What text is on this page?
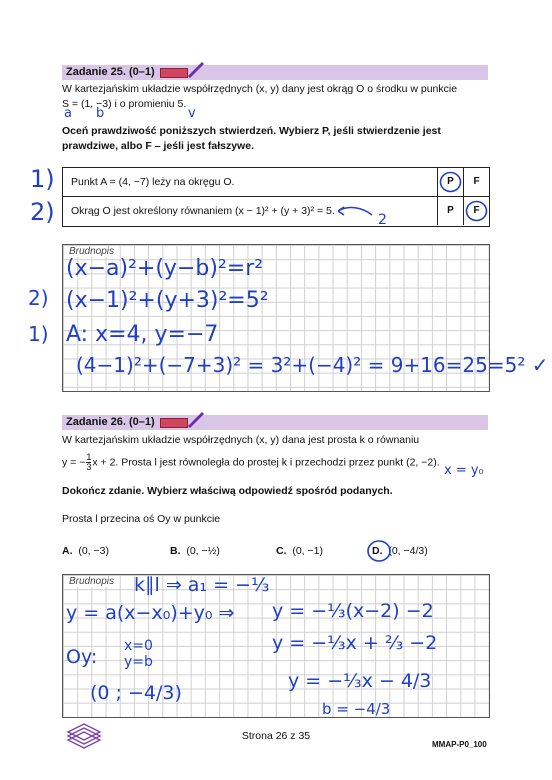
Zadanie 25. (0–1)
W kartezjańskim układzie współrzędnych (x, y) dany jest okrąg O o środku w punkcie
S = (1, −3) i o promieniu 5.
a b	v
Oceń prawdziwość poniższych stwierdzeń. Wybierz P, jeśli stwierdzenie jest
prawdziwe, albo F – jeśli jest fałszywe.
1)
2)
Punkt A = (4, −7) leży na okręgu O.	P	F
Okrąg O jest określony równaniem (x − 1)² + (y + 3)² = 5.	P	F
2
Brudnopis
(x−a)²+(y−b)²=r²
2) (x−1)²+(y+3)²=5²
1) A: x=4, y=−7
(4−1)²+(−7+3)² = 3²+(−4)² = 9+16=25=5² ✓
Zadanie 26. (0–1)
W kartezjańskim układzie współrzędnych (x, y) dana jest prosta k o równaniu
y = − $\frac{1}{3}$ x + 2. Prosta l jest równoległa do prostej k i przechodzi przez punkt (2, −2).
x = y₀
Dokończ zdanie. Wybierz właściwą odpowiedź spośród podanych.
Prosta l przecina oś Oy w punkcie
A. (0, −3)	B. (0, −½)	C. (0, −1)	D. (0, −4/3)
Brudnopis k∥l ⇒ a₁ = −⅓
y = a(x−x₀)+y₀ ⇒ y = −⅓(x−2) −2
y = −⅓x + ⅔ −2
Oy: x=0
y=b
y = −⅓x − 4/3
(0 ; −4/3)
b = −4/3
Strona 26 z 35
MMAP-P0_100
